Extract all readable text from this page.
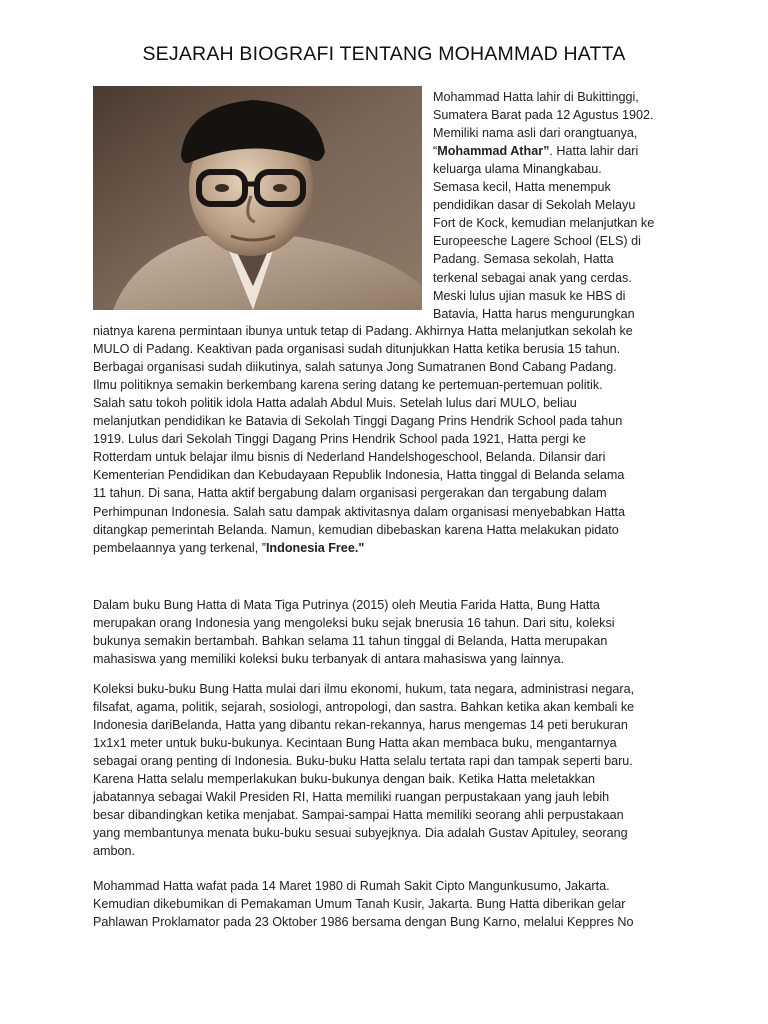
SEJARAH BIOGRAFI TENTANG MOHAMMAD HATTA
Mohammad Hatta lahir di Bukittinggi,
Sumatera Barat pada 12 Agustus 1902.
Memiliki nama asli dari orangtuanya,
“Mohammad Athar”. Hatta lahir dari
keluarga ulama Minangkabau.
Semasa kecil, Hatta menempuk
pendidikan dasar di Sekolah Melayu
Fort de Kock, kemudian melanjutkan ke
Europeesche Lagere School (ELS) di
Padang. Semasa sekolah, Hatta
terkenal sebagai anak yang cerdas.
Meski lulus ujian masuk ke HBS di
Batavia, Hatta harus mengurungkan
niatnya karena permintaan ibunya untuk tetap di Padang. Akhirnya Hatta melanjutkan sekolah ke
MULO di Padang. Keaktivan pada organisasi sudah ditunjukkan Hatta ketika berusia 15 tahun.
Berbagai organisasi sudah diikutinya, salah satunya Jong Sumatranen Bond Cabang Padang.
Ilmu politiknya semakin berkembang karena sering datang ke pertemuan-pertemuan politik.
Salah satu tokoh politik idola Hatta adalah Abdul Muis. Setelah lulus dari MULO, beliau
melanjutkan pendidikan ke Batavia di Sekolah Tinggi Dagang Prins Hendrik School pada tahun
1919. Lulus dari Sekolah Tinggi Dagang Prins Hendrik School pada 1921, Hatta pergi ke
Rotterdam untuk belajar ilmu bisnis di Nederland Handelshogeschool, Belanda. Dilansir dari
Kementerian Pendidikan dan Kebudayaan Republik Indonesia, Hatta tinggal di Belanda selama
11 tahun. Di sana, Hatta aktif bergabung dalam organisasi pergerakan dan tergabung dalam
Perhimpunan Indonesia. Salah satu dampak aktivitasnya dalam organisasi menyebabkan Hatta
ditangkap pemerintah Belanda. Namun, kemudian dibebaskan karena Hatta melakukan pidato
pembelaannya yang terkenal, ”Indonesia Free."
Dalam buku Bung Hatta di Mata Tiga Putrinya (2015) oleh Meutia Farida Hatta, Bung Hatta
merupakan orang Indonesia yang mengoleksi buku sejak bnerusia 16 tahun. Dari situ, koleksi
bukunya semakin bertambah. Bahkan selama 11 tahun tinggal di Belanda, Hatta merupakan
mahasiswa yang memiliki koleksi buku terbanyak di antara mahasiswa yang lainnya.
Koleksi buku-buku Bung Hatta mulai dari ilmu ekonomi, hukum, tata negara, administrasi negara,
filsafat, agama, politik, sejarah, sosiologi, antropologi, dan sastra. Bahkan ketika akan kembali ke
Indonesia dariBelanda, Hatta yang dibantu rekan-rekannya, harus mengemas 14 peti berukuran
1x1x1 meter untuk buku-bukunya. Kecintaan Bung Hatta akan membaca buku, mengantarnya
sebagai orang penting di Indonesia. Buku-buku Hatta selalu tertata rapi dan tampak seperti baru.
Karena Hatta selalu memperlakukan buku-bukunya dengan baik. Ketika Hatta meletakkan
jabatannya sebagai Wakil Presiden RI, Hatta memiliki ruangan perpustakaan yang jauh lebih
besar dibandingkan ketika menjabat. Sampai-sampai Hatta memiliki seorang ahli perpustakaan
yang membantunya menata buku-buku sesuai subyejknya. Dia adalah Gustav Apituley, seorang
ambon.
Mohammad Hatta wafat pada 14 Maret 1980 di Rumah Sakit Cipto Mangunkusumo, Jakarta.
Kemudian dikebumikan di Pemakaman Umum Tanah Kusir, Jakarta. Bung Hatta diberikan gelar
Pahlawan Proklamator pada 23 Oktober 1986 bersama dengan Bung Karno, melalui Keppres No
